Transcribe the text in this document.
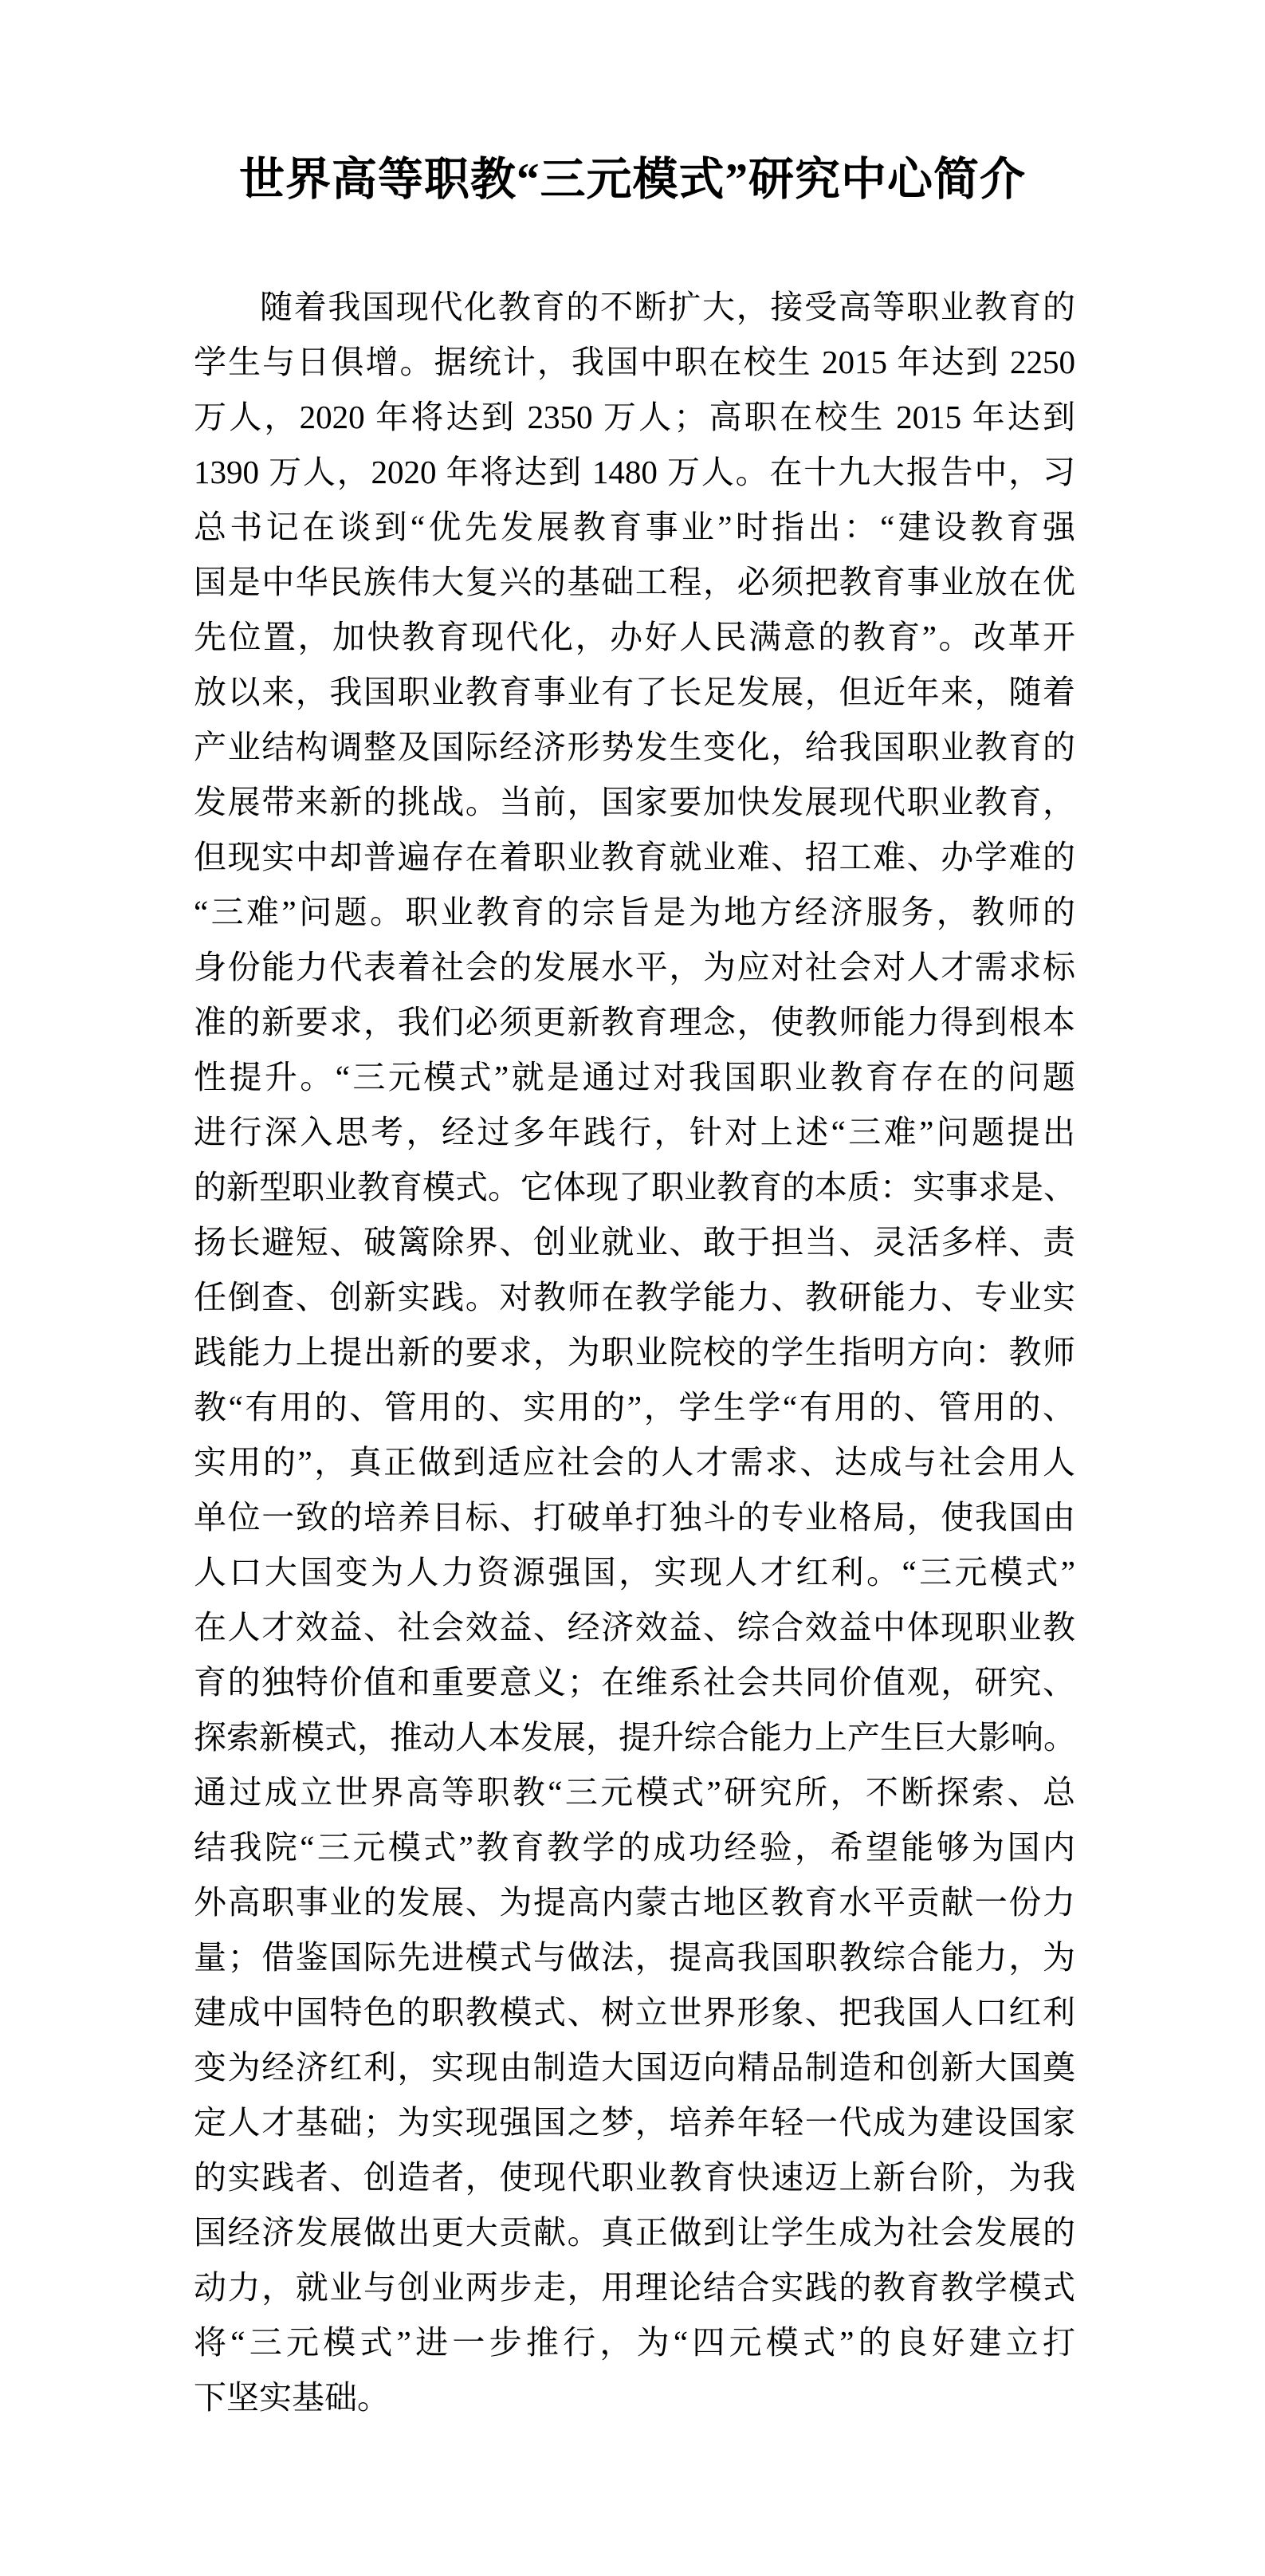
世界高等职教“三元模式”研究中心简介
随着我国现代化教育的不断扩大，接受高等职业教育的
学生与日俱增。据统计，我国中职在校生 2015 年达到 2250
万人，2020 年将达到 2350 万人；高职在校生 2015 年达到
1390 万人，2020 年将达到 1480 万人。在十九大报告中，习
总书记在谈到“优先发展教育事业”时指出：“建设教育强
国是中华民族伟大复兴的基础工程，必须把教育事业放在优
先位置，加快教育现代化，办好人民满意的教育”。改革开
放以来，我国职业教育事业有了长足发展，但近年来，随着
产业结构调整及国际经济形势发生变化，给我国职业教育的
发展带来新的挑战。当前，国家要加快发展现代职业教育，
但现实中却普遍存在着职业教育就业难、招工难、办学难的
“三难”问题。职业教育的宗旨是为地方经济服务，教师的
身份能力代表着社会的发展水平，为应对社会对人才需求标
准的新要求，我们必须更新教育理念，使教师能力得到根本
性提升。“三元模式”就是通过对我国职业教育存在的问题
进行深入思考，经过多年践行，针对上述“三难”问题提出
的新型职业教育模式。它体现了职业教育的本质：实事求是、
扬长避短、破篱除界、创业就业、敢于担当、灵活多样、责
任倒查、创新实践。对教师在教学能力、教研能力、专业实
践能力上提出新的要求，为职业院校的学生指明方向：教师
教“有用的、管用的、实用的”，学生学“有用的、管用的、
实用的”，真正做到适应社会的人才需求、达成与社会用人
单位一致的培养目标、打破单打独斗的专业格局，使我国由
人口大国变为人力资源强国，实现人才红利。“三元模式”
在人才效益、社会效益、经济效益、综合效益中体现职业教
育的独特价值和重要意义；在维系社会共同价值观，研究、
探索新模式，推动人本发展，提升综合能力上产生巨大影响。
通过成立世界高等职教“三元模式”研究所，不断探索、总
结我院“三元模式”教育教学的成功经验，希望能够为国内
外高职事业的发展、为提高内蒙古地区教育水平贡献一份力
量；借鉴国际先进模式与做法，提高我国职教综合能力，为
建成中国特色的职教模式、树立世界形象、把我国人口红利
变为经济红利，实现由制造大国迈向精品制造和创新大国奠
定人才基础；为实现强国之梦，培养年轻一代成为建设国家
的实践者、创造者，使现代职业教育快速迈上新台阶，为我
国经济发展做出更大贡献。真正做到让学生成为社会发展的
动力，就业与创业两步走，用理论结合实践的教育教学模式
将“三元模式”进一步推行，为“四元模式”的良好建立打
下坚实基础。
